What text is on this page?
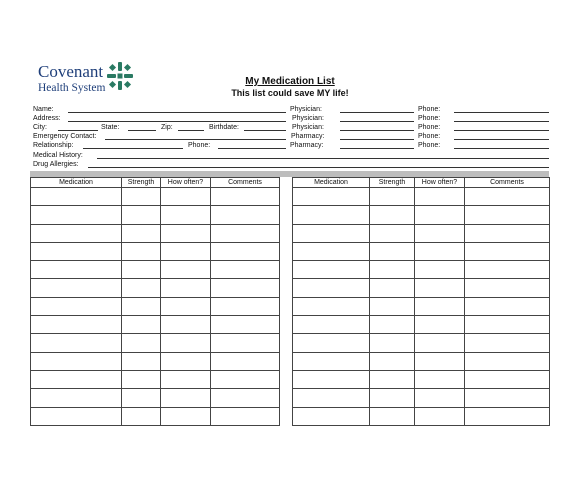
Covenant
Health System
My Medication List
This list could save MY life!
Name:
Address:
City:	State:	Zip:	Birthdate:
Emergency Contact:
Relationship:	Phone:
Medical History:
Drug Allergies:
Physician:	Phone:
Physician:	Phone:
Physician:	Phone:
Pharmacy:	Phone:
Pharmacy:	Phone:
Medication	Strength	How often?	Comments

				Medication	Strength	How often?	Comments
